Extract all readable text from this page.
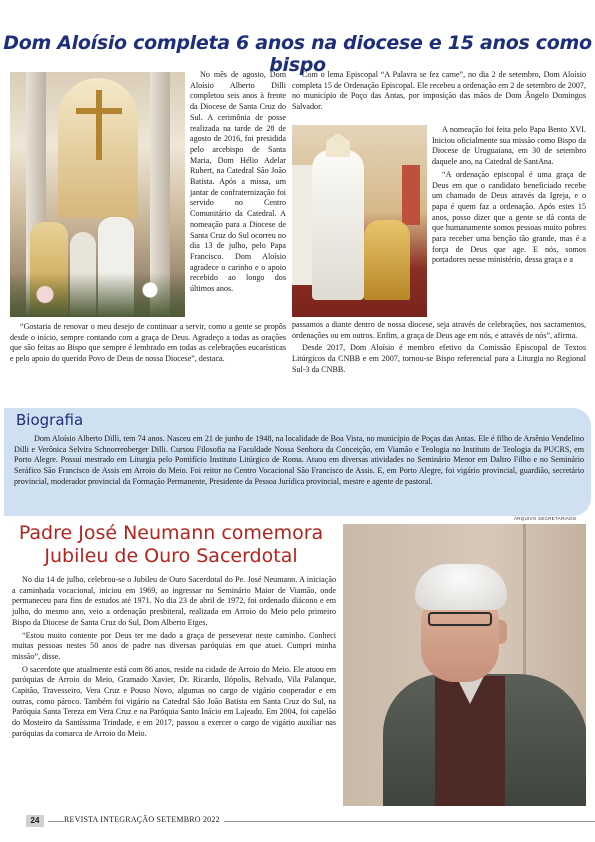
Dom Aloísio completa 6 anos na diocese e 15 anos como bispo

No mês de agosto, Dom Aloísio Alberto Dilli completou seis anos à frente da Diocese de Santa Cruz do Sul. A cerimônia de posse realizada na tarde de 28 de agosto de 2016, foi presidida pelo arcebispo de Santa Maria, Dom Hélio Adelar Rubert, na Catedral São João Batista. Após a missa, um jantar de confraternização foi servido no Centro Comunitário da Catedral. A nomeação para a Diocese de Santa Cruz do Sul ocorreu no dia 13 de julho, pelo Papa Francisco. Dom Aloísio agradece o carinho e o apoio recebido ao longo dos últimos anos.

“Gostaria de renovar o meu desejo de continuar a servir, como a gente se propôs desde o início, sempre contando com a graça de Deus. Agradeço a todas as orações que são feitas ao Bispo que sempre é lembrado em todas as celebrações eucarísticas e pelo apoio do querido Povo de Deus de nossa Diocese”, destaca.

Com o lema Episcopal “A Palavra se fez carne”, no dia 2 de setembro, Dom Aloísio completa 15 de Ordenação Episcopal. Ele recebeu a ordenação em 2 de setembro de 2007, no município de Poço das Antas, por imposição das mãos de Dom Ângelo Domingos Salvador.

A nomeação foi feita pelo Papa Bento XVI. Iniciou oficialmente sua missão como Bispo da Diocese de Uruguaiana, em 30 de setembro daquele ano, na Catedral de SantAna.

“A ordenação episcopal é uma graça de Deus em que o candidato beneficiado recebe um chamado de Deus através da Igreja, e o papa é quem faz a ordenação. Após estes 15 anos, posso dizer que a gente se dá conta de que humanamente somos pessoas muito pobres para receber uma benção tão grande, mas é a força de Deus que age. E nós, somos portadores nesse ministério, dessa graça e a

passamos a diante dentro de nossa diocese, seja através de celebrações, nos sacramentos, ordenações ou em outros. Enfim, a graça de Deus age em nós, e através de nós”, afirma.

Desde 2017, Dom Aloísio é membro efetivo da Comissão Episcopal de Textos Litúrgicos da CNBB e em 2007, tornou-se Bispo referencial para a Liturgia no Regional Sul-3 da CNBB.

Biografia

Dom Aloísio Alberto Dilli, tem 74 anos. Nasceu em 21 de junho de 1948, na localidade de Boa Vista, no município de Poças das Antas. Ele é filho de Arsênio Vendelino Dilli e Verônica Selvira Schnorrenberger Dilli. Cursou Filosofia na Faculdade Nossa Senhora da Conceição, em Viamão e Teologia no Instituto de Teologia da PUCRS, em Porto Alegre. Possui mestrado em Liturgia pelo Pontifício Instituto Litúrgico de Roma. Atuou em diversas atividades no Seminário Menor em Daltro Filho e no Seminário Seráfico São Francisco de Assis em Arroio do Meio. Foi reitor no Centro Vocacional São Francisco de Assis. E, em Porto Alegre, foi vigário provincial, guardião, secretário provincial, moderador provincial da Formação Permanente, Presidente da Pessoa Jurídica provincial, mestre e agente de pastoral.

ARQUIVO SECRETARIADO
Padre José Neumann comemora
Jubileu de Ouro Sacerdotal

No dia 14 de julho, celebrou-se o Jubileu de Ouro Sacerdotal do Pe. José Neumann. A iniciação a caminhada vocacional, iniciou em 1969, ao ingressar no Seminário Maior de Viamão, onde permaneceu para fins de estudos até 1971. No dia 23 de abril de 1972, foi ordenado diácono e em julho, do mesmo ano, veio a ordenação presbiteral, realizada em Arroio do Meio pelo primeiro Bispo da Diocese de Santa Cruz do Sul, Dom Alberto Etges.

“Estou muito contente por Deus ter me dado a graça de perseverar neste caminho. Conheci muitas pessoas nestes 50 anos de padre nas diversas paróquias em que atuei. Cumpri minha missão”, disse.

O sacerdote que atualmente está com 86 anos, reside na cidade de Arroio do Meio. Ele atuou em paróquias de Arroio do Meio, Gramado Xavier, Dr. Ricardo, Ilópolis, Relvado, Vila Palanque, Capitão, Travesseiro, Vera Cruz e Pouso Novo, algumas no cargo de vigário cooperador e em outras, como pároco. Também foi vigário na Catedral São João Batista em Santa Cruz do Sul, na Paróquia Santa Tereza em Vera Cruz e na Paróquia Santo Inácio em Lajeado. Em 2004, foi capelão do Mosteiro da Santíssima Trindade, e em 2017, passou a exercer o cargo de vigário auxiliar nas paróquias da comarca de Arroio do Meio.

24	REVISTA INTEGRAÇÃO SETEMBRO 2022
